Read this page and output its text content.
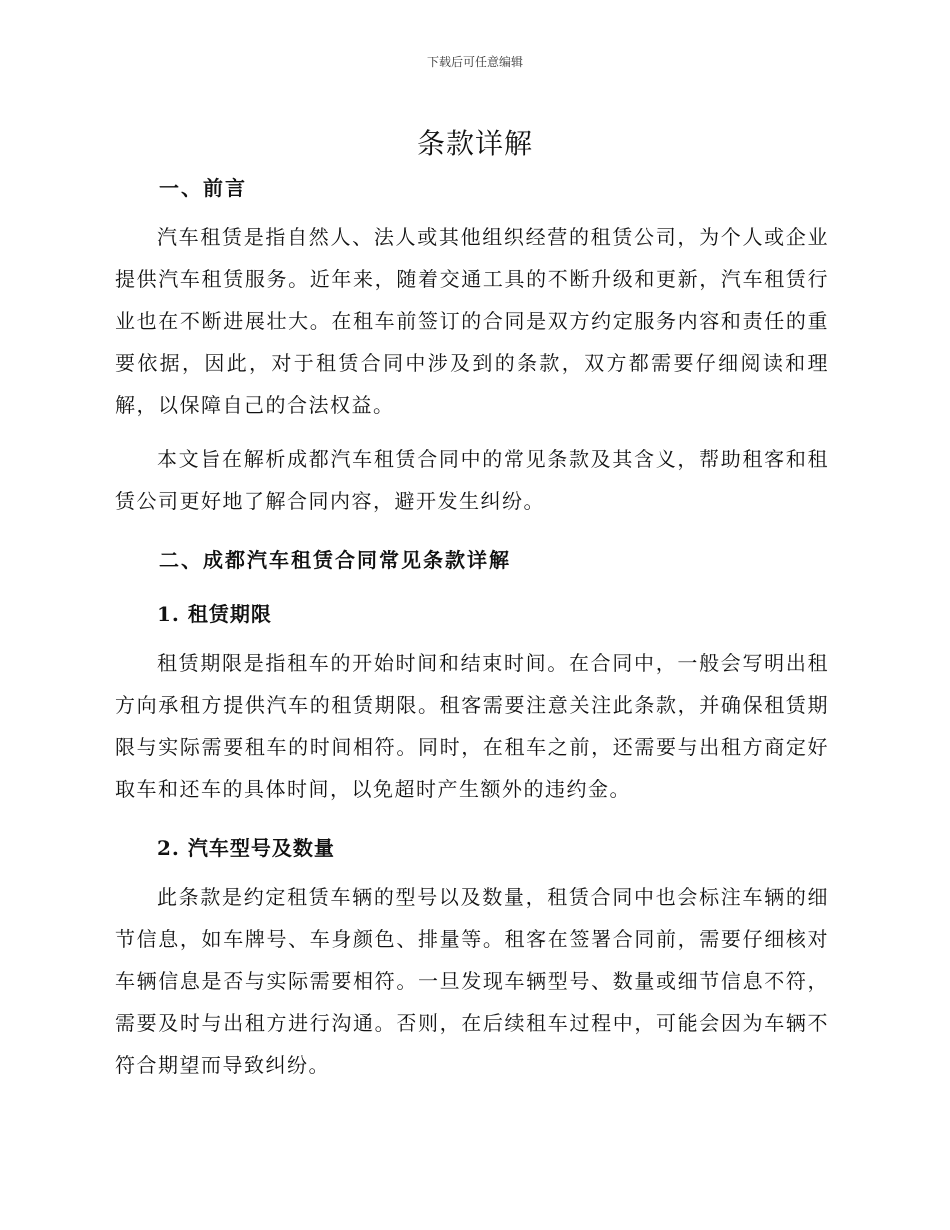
下载后可任意编辑
条款详解
一、前言

汽车租赁是指自然人、法人或其他组织经营的租赁公司，为个人或企业提供汽车租赁服务。近年来，随着交通工具的不断升级和更新，汽车租赁行业也在不断进展壮大。在租车前签订的合同是双方约定服务内容和责任的重要依据，因此，对于租赁合同中涉及到的条款，双方都需要仔细阅读和理解，以保障自己的合法权益。

本文旨在解析成都汽车租赁合同中的常见条款及其含义，帮助租客和租赁公司更好地了解合同内容，避开发生纠纷。

二、成都汽车租赁合同常见条款详解
1. 租赁期限

租赁期限是指租车的开始时间和结束时间。在合同中，一般会写明出租方向承租方提供汽车的租赁期限。租客需要注意关注此条款，并确保租赁期限与实际需要租车的时间相符。同时，在租车之前，还需要与出租方商定好取车和还车的具体时间，以免超时产生额外的违约金。

2. 汽车型号及数量

此条款是约定租赁车辆的型号以及数量，租赁合同中也会标注车辆的细节信息，如车牌号、车身颜色、排量等。租客在签署合同前，需要仔细核对车辆信息是否与实际需要相符。一旦发现车辆型号、数量或细节信息不符，需要及时与出租方进行沟通。否则，在后续租车过程中，可能会因为车辆不符合期望而导致纠纷。
